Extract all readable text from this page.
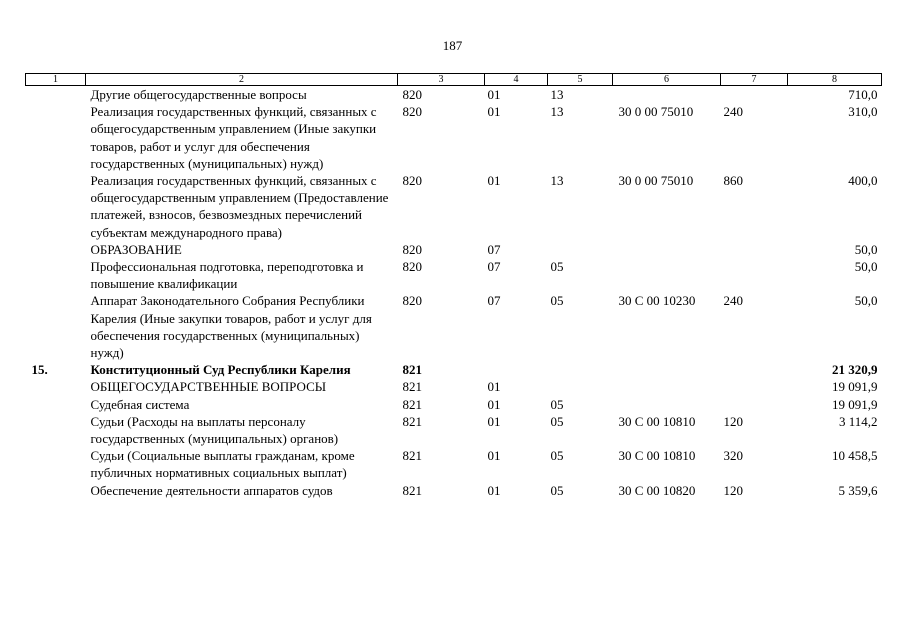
187
1	2	3	4	5	6	7	8
	Другие общегосударственные вопросы	820	01	13			710,0
	Реализация государственных функций, связанных с общегосударственным управлением (Иные закупки товаров, работ и услуг для обеспечения государственных (муниципальных) нужд)	820	01	13	30 0 00 75010	240	310,0
	Реализация государственных функций, связанных с общегосударственным управлением (Предоставление платежей, взносов, безвозмездных перечислений субъектам международного права)	820	01	13	30 0 00 75010	860	400,0
	ОБРАЗОВАНИЕ	820	07				50,0
	Профессиональная подготовка, переподготовка и повышение квалификации	820	07	05			50,0
	Аппарат Законодательного Собрания Республики Карелия (Иные закупки товаров, работ и услуг для обеспечения государственных (муниципальных) нужд)	820	07	05	30 С 00 10230	240	50,0
15.	Конституционный Суд Республики Карелия	821					21 320,9
	ОБЩЕГОСУДАРСТВЕННЫЕ ВОПРОСЫ	821	01				19 091,9
	Судебная система	821	01	05			19 091,9
	Судьи (Расходы на выплаты персоналу государственных (муниципальных) органов)	821	01	05	30 С 00 10810	120	3 114,2
	Судьи (Социальные выплаты гражданам, кроме публичных нормативных социальных выплат)	821	01	05	30 С 00 10810	320	10 458,5
	Обеспечение деятельности аппаратов судов	821	01	05	30 С 00 10820	120	5 359,6
